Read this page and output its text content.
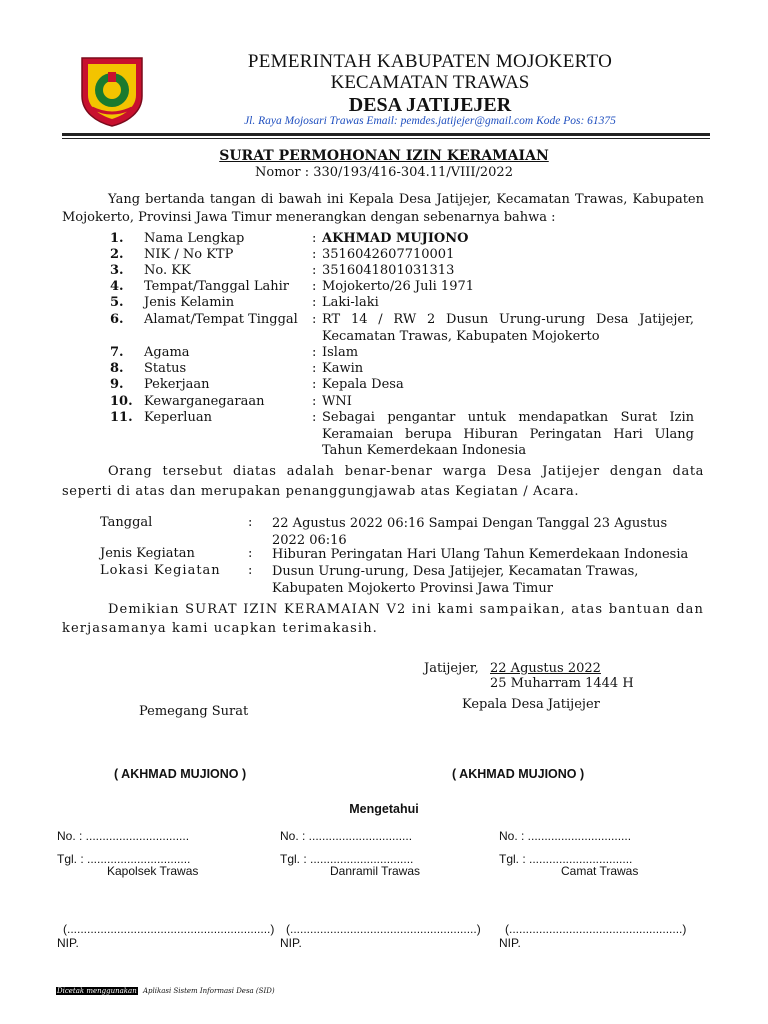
PEMERINTAH KABUPATEN MOJOKERTO
KECAMATAN TRAWAS
DESA JATIJEJER
Jl. Raya Mojosari Trawas Email: pemdes.jatijejer@gmail.com Kode Pos: 61375
SURAT PERMOHONAN IZIN KERAMAIAN
Nomor : 330/193/416-304.11/VIII/2022
Yang bertanda tangan di bawah ini Kepala Desa Jatijejer, Kecamatan Trawas, Kabupaten Mojokerto, Provinsi Jawa Timur menerangkan dengan sebenarnya bahwa :
1. Nama Lengkap	: AKHMAD MUJIONO
2. NIK / No KTP	: 3516042607710001
3. No. KK	: 3516041801031313
4. Tempat/Tanggal Lahir : Mojokerto/26 Juli 1971
5. Jenis Kelamin	: Laki-laki
6. Alamat/Tempat Tinggal : RT 14 / RW 2 Dusun Urung-urung Desa Jatijejer, Kecamatan Trawas, Kabupaten Mojokerto
7. Agama	: Islam
8. Status	: Kawin
9. Pekerjaan	: Kepala Desa
10. Kewarganegaraan	: WNI
11. Keperluan	: Sebagai pengantar untuk mendapatkan Surat Izin Keramaian berupa Hiburan Peringatan Hari Ulang Tahun Kemerdekaan Indonesia
Orang tersebut diatas adalah benar-benar warga Desa Jatijejer dengan data seperti di atas dan merupakan penanggungjawab atas Kegiatan / Acara.
Tanggal	: 22 Agustus 2022 06:16 Sampai Dengan Tanggal 23 Agustus 2022 06:16
Jenis Kegiatan	: Hiburan Peringatan Hari Ulang Tahun Kemerdekaan Indonesia
Lokasi Kegiatan : Dusun Urung-urung, Desa Jatijejer, Kecamatan Trawas, Kabupaten Mojokerto Provinsi Jawa Timur
Demikian SURAT IZIN KERAMAIAN V2 ini kami sampaikan, atas bantuan dan kerjasamanya kami ucapkan terimakasih.
Jatijejer, 22 Agustus 2022
25 Muharram 1444 H
Pemegang Surat	Kepala Desa Jatijejer
( AKHMAD MUJIONO )	( AKHMAD MUJIONO )
Mengetahui
No. : ...............................
Tgl. : ...............................
Kapolsek Trawas
(.............................................................)
NIP.
No. : ...............................
Tgl. : ...............................
Danramil Trawas
(........................................................)
NIP.
No. : ...............................
Tgl. : ...............................
Camat Trawas
(....................................................)
NIP.
Dicetak menggunakan Aplikasi Sistem Informasi Desa (SID)
